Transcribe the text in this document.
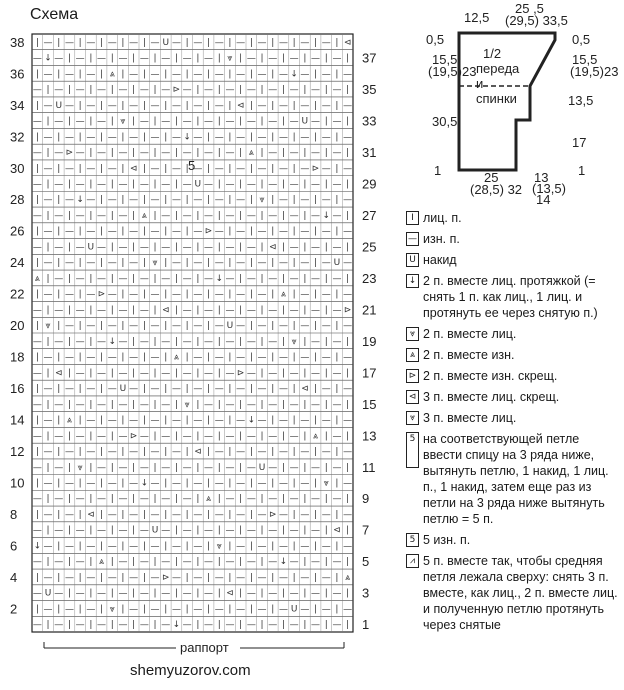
Схема
| — | — | — | — | — | — U — | — | — | — | — | — | — | — | ⊲
— ↓ — | — | — | — | — | — | — | — | ⩔ | — | — | — | — | — |
| — | — | — | ⩓ | — | — | — | — | — | — | — | — ↓ — | — | —
— | — | — | — | — | — | — ⊳ — | — | — | — | — | — | — | — |
| — U — | — | — | — | — | — | — | — | ⊲ | — | — | — | — | —
— | — | — | — | ⩔ | — | — | — | — | — | — | — | — U — | — |
| — | — | — | — | — | — | — ↓ — | — | — | — | — | — | — | —
— | — ⊳ — | — | — | — | — | — | — | — | ⩓ | — | — | — | — |
| — | — | — | — | ⊲ | — | — | — | — | — | — | — | — ⊳ — | —
— | — | — | — | — | — | — | — U — | — | — | — | — | — | — |
| — | — ↓ — | — | — | — | — | — | — | — | ⩔ | — | — | — | —
— | — | — | — | — | ⩓ | — | — | — | — | — | — | — | — ↓ — |
| — | — | — | — | — | — | — | — ⊳ — | — | — | — | — | — | —
— | — | — U — | — | — | — | — | — | — | — | ⊲ | — | — | — |
| — | — | — | — | — | ⩔ | — | — | — | — | — | — | — | — U —
⩓ | — | — | — | — | — | — | — | — ↓ — | — | — | — | — | — |
| — | — | — ⊳ — | — | — | — | — | — | — | — | ⩓ | — | — | —
— | — | — | — | — | — | ⊲ | — | — | — | — | — | — | — | — ⊳
| ⩔ | — | — | — | — | — | — | — | — U — | — | — | — | — | —
— | — | — | — ↓ — | — | — | — | — | — | — | — | ⩔ | — | — |
| — | — | — | — | — | — | ⩓ | — | — | — | — | — | — | — | —
— | ⊲ | — | — | — | — | — | — | — | — ⊳ — | — | — | — | — |
| — | — | — | — U — | — | — | — | — | — | — | — | ⊲ | — | —
— | — | — | — | — | — | — | ⩔ | — | — | — | — | — | — | — |
| — | ⩓ | — | — | — | — | — | — | — | — ↓ — | — | — | — | —
— | — | — | — | — ⊳ — | — | — | — | — | — | — | — | ⩓ | — |
| — | — | — | — | — | — | — | ⊲ | — | — | — | — | — | — | —
— | — | ⩔ | — | — | — | — | — | — | — | — U — | — | — | — |
| — | — | — | — | — ↓ — | — | — | — | — | — | — | — | ⩔ | —
— | — | — | — | — | — | — | — | ⩓ | — | — | — | — | — | — |
| — | — | ⊲ | — | — | — | — | — | — | — | — ⊳ — | — | — | —
— | — | — | — | — | — U — | — | — | — | — | — | — | — | ⊲ |
↓ — | — | — | — | — | — | — | — | ⩔ | — | — | — | — | — | —
— | — | — | ⩓ | — | — | — | — | — | — | — | — ↓ — | — | — |
| — | — | — | — | — | — ⊳ — | — | — | — | — | — | — | — | ⩓
— U — | — | — | — | — | — | — | — | ⊲ | — | — | — | — | — |
| — | — | — | ⩔ | — | — | — | — | — | — | — | — U — | — | —
— | — | — | — | — | — | — ↓ — | — | — | — | — | — | — | — |
38
36
34
32
30
28
26
24
22
20
18
16
14
12
10
8
6
4
2
37
35
33
31
29
27
25
23
21
19
17
15
13
11
9
7
5
3
1
5
раппорт
1/2
переда
и
спинки
12,5
25 ,5
(29,5) 33,5
0,5	0,5
15,5
(19,5)23
15,5
(19,5)23
30,5
13,5
17
1	1
25
(28,5) 32
13
(13,5)
14
shemyuzorov.com
I лиц. п.
— изн. п.
U накид
↓ 2 п. вместе лиц. протяжкой (= снять 1 п. как лиц., 1 лиц. и протянуть ее через снятую п.)
⩔ 2 п. вместе лиц.
⩓ 2 п. вместе изн.
⊳ 2 п. вместе изн. скрещ.
⊲ 3 п. вместе лиц. скрещ.
⩔ 3 п. вместе лиц.
5 на соответствующей петле ввести спицу на 3 ряда ниже, вытянуть петлю, 1 накид, 1 лиц. п., 1 накид, затем еще раз из петли на 3 ряда ниже вытянуть петлю = 5 п.
5 5 изн. п.
⩘ 5 п. вместе так, чтобы средняя петля лежала сверху: снять 3 п. вместе, как лиц., 2 п. вместе лиц. и полученную петлю протянуть через снятые
